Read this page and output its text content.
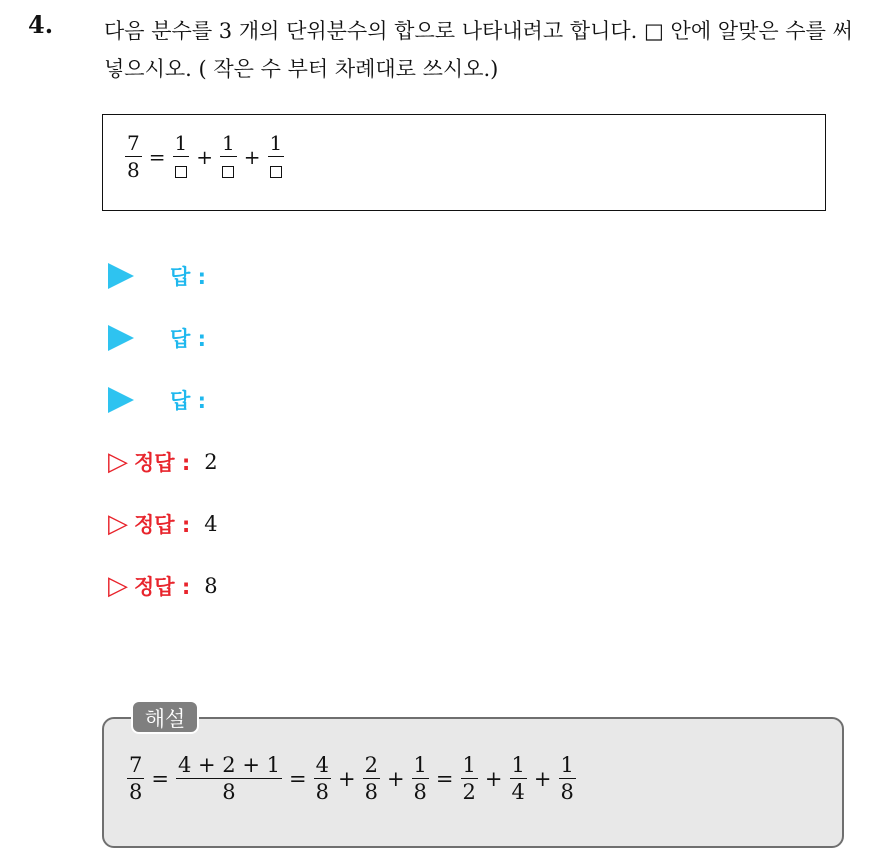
4. 다음 분수를 3 개의 단위분수의 합으로 나타내려고 합니다. □ 안에 알맞은 수를 써넣으시오. ( 작은 수 부터 차례대로 쓰시오.)
$\frac{7}{8}$ =
1
+
1
+
1
답 :
답 :
답 :
▷ 정답 : 2
▷ 정답 : 4
▷ 정답 : 8
해설
$\frac{7}{8} = \frac{4 + 2 + 1}{8} = \frac{4}{8} + \frac{2}{8} + \frac{1}{8} = \frac{1}{2} + \frac{1}{4} + \frac{1}{8}$
